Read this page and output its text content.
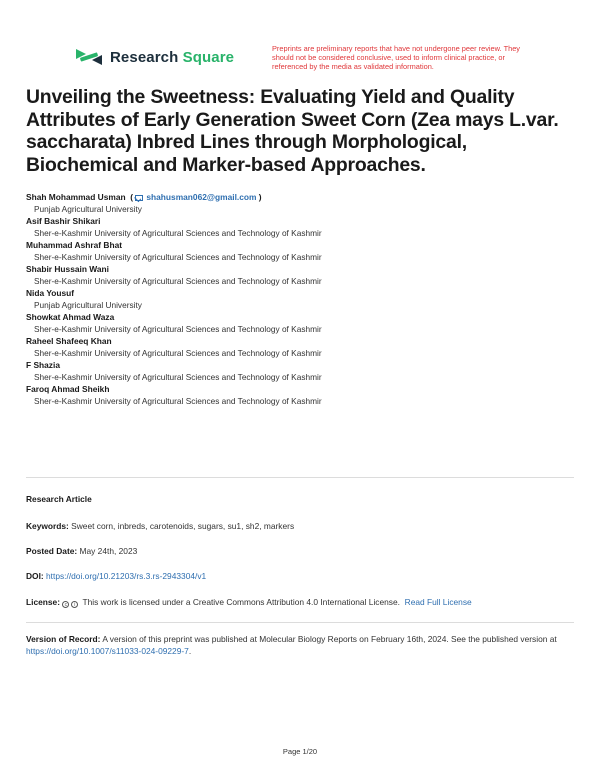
Research Square	Preprints are preliminary reports that have not undergone peer review. They should not be considered conclusive, used to inform clinical practice, or referenced by the media as validated information.
Unveiling the Sweetness: Evaluating Yield and Quality Attributes of Early Generation Sweet Corn (Zea mays L.var. saccharata) Inbred Lines through Morphological, Biochemical and Marker-based Approaches.
Shah Mohammad Usman  ( shahusman062@gmail.com )
Punjab Agricultural University
Asif Bashir Shikari
Sher-e-Kashmir University of Agricultural Sciences and Technology of Kashmir
Muhammad Ashraf Bhat
Sher-e-Kashmir University of Agricultural Sciences and Technology of Kashmir
Shabir Hussain Wani
Sher-e-Kashmir University of Agricultural Sciences and Technology of Kashmir
Nida Yousuf
Punjab Agricultural University
Showkat Ahmad Waza
Sher-e-Kashmir University of Agricultural Sciences and Technology of Kashmir
Raheel Shafeeq Khan
Sher-e-Kashmir University of Agricultural Sciences and Technology of Kashmir
F Shazia
Sher-e-Kashmir University of Agricultural Sciences and Technology of Kashmir
Faroq Ahmad Sheikh
Sher-e-Kashmir University of Agricultural Sciences and Technology of Kashmir
Research Article
Keywords: Sweet corn, inbreds, carotenoids, sugars, su1, sh2, markers
Posted Date: May 24th, 2023
DOI: https://doi.org/10.21203/rs.3.rs-2943304/v1
License: c i This work is licensed under a Creative Commons Attribution 4.0 International License. Read Full License
Version of Record: A version of this preprint was published at Molecular Biology Reports on February 16th, 2024. See the published version at https://doi.org/10.1007/s11033-024-09229-7.
Page 1/20
